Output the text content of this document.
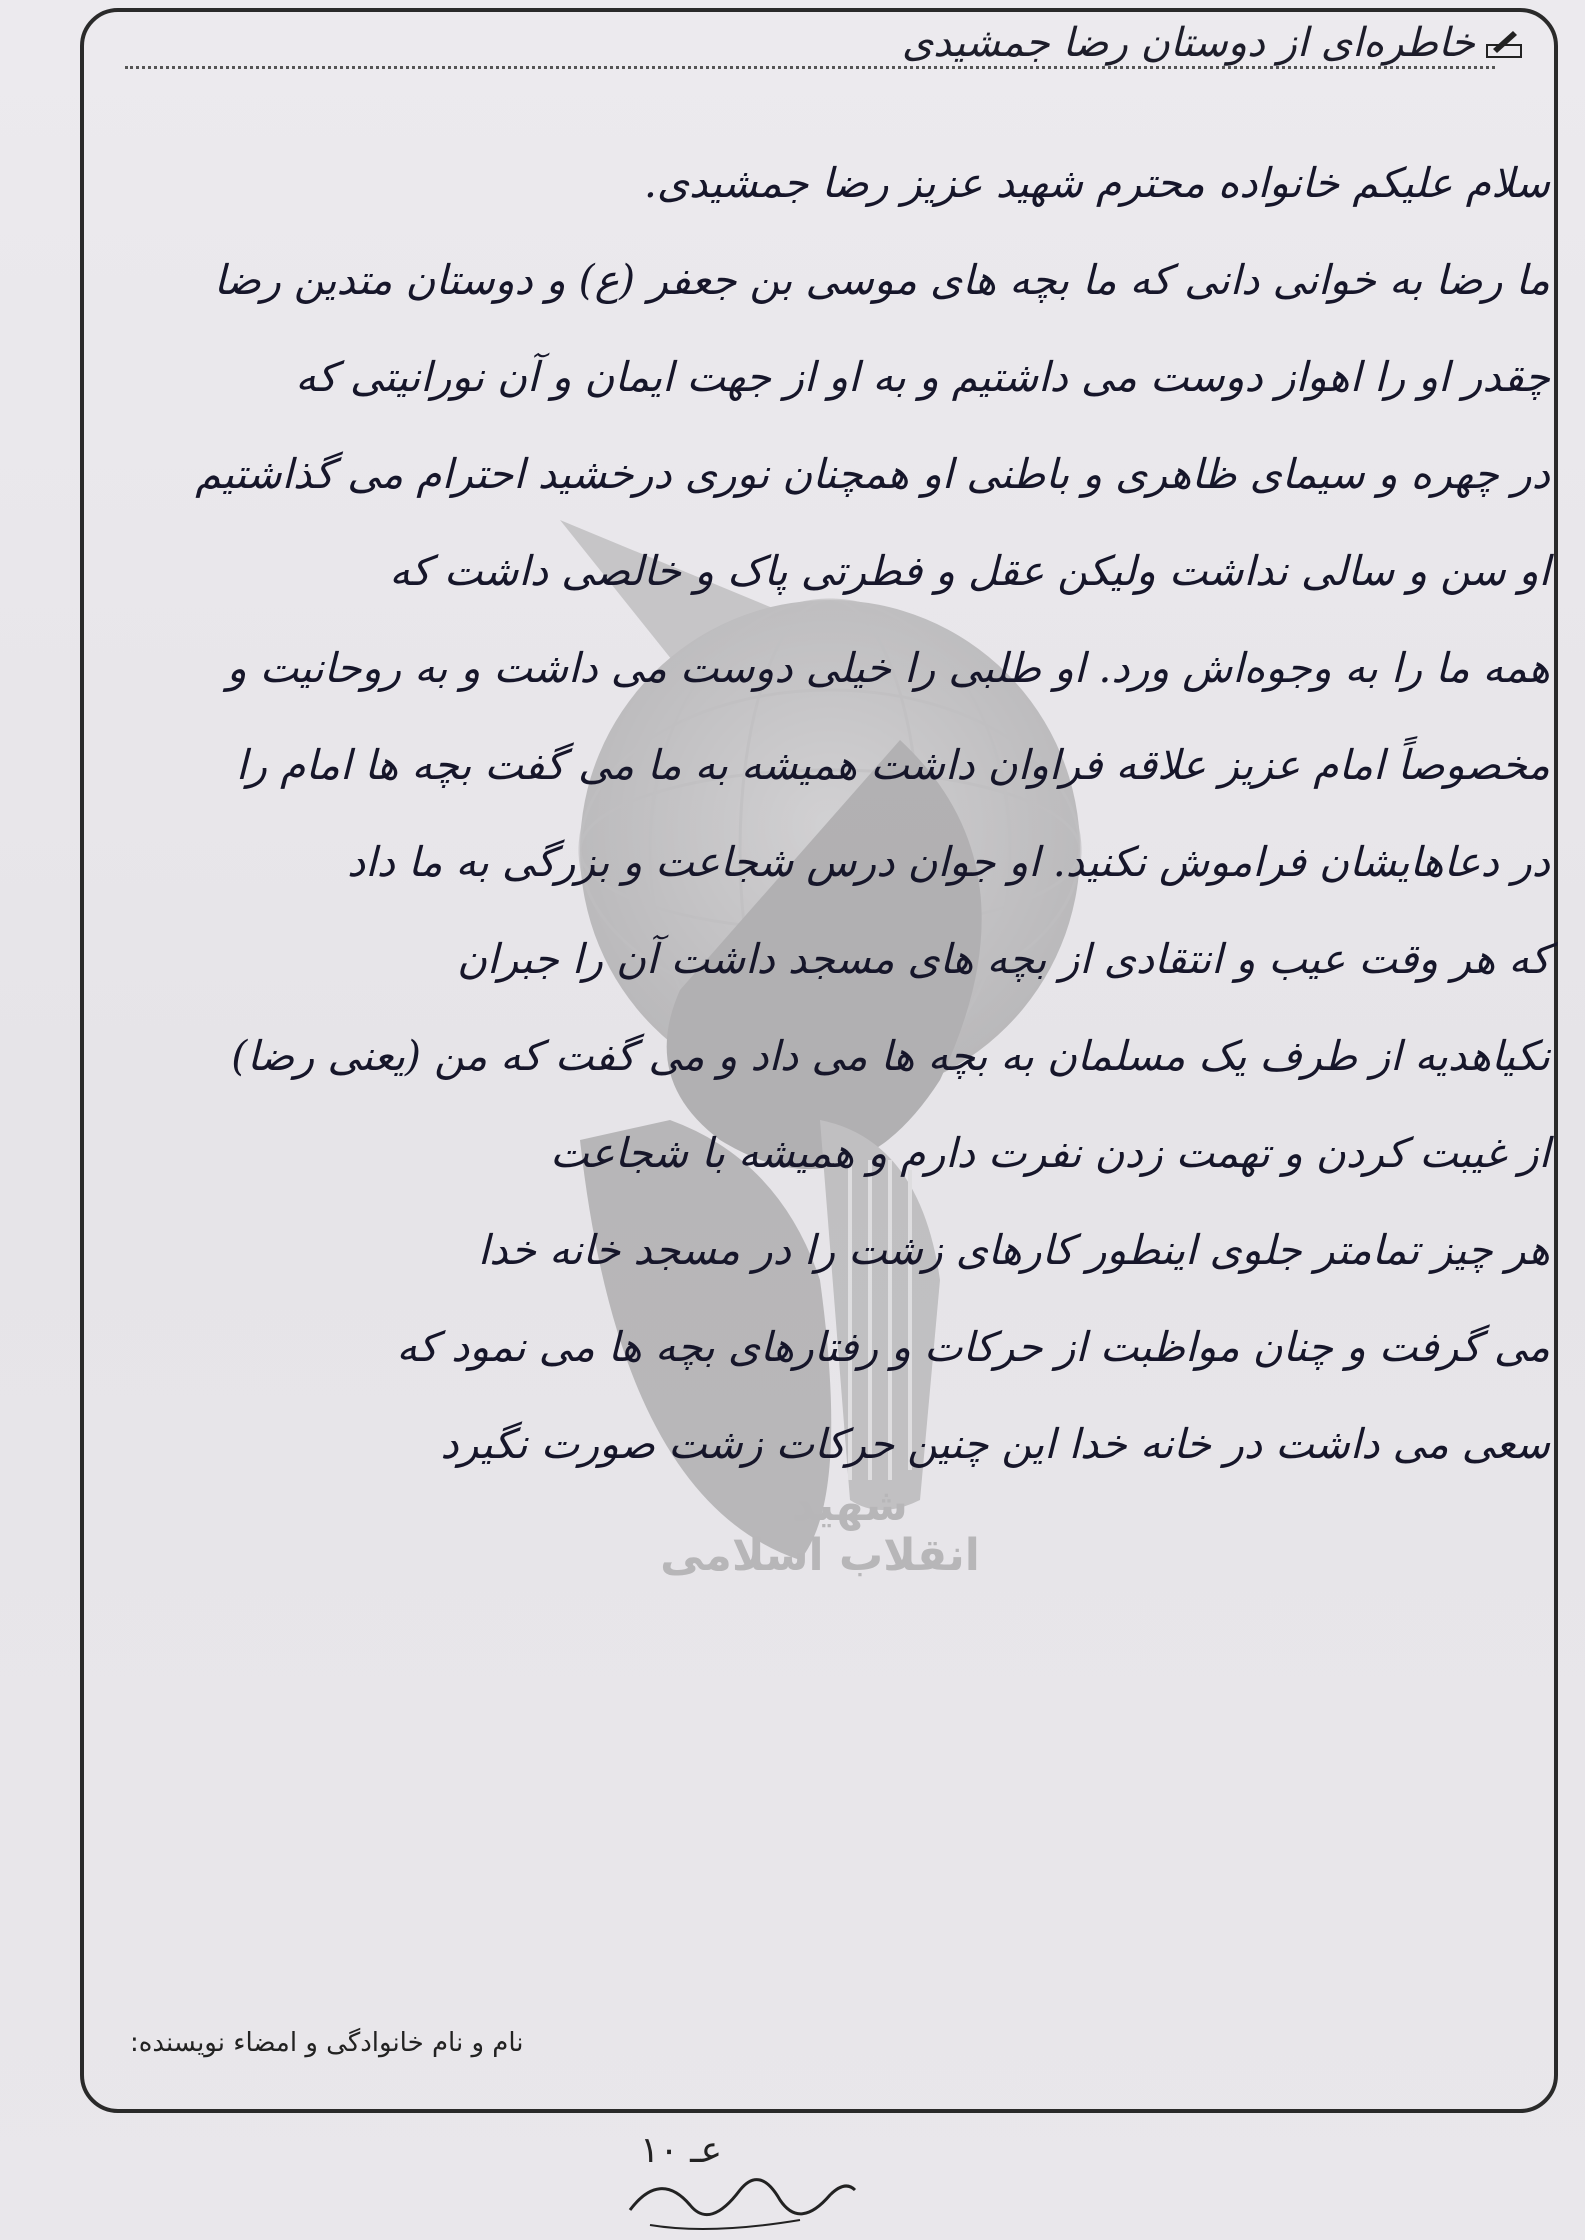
شهید
انقلاب اسلامی
خاطره‌ای از دوستان رضا جمشیدی

سلام علیکم خانواده محترم شهید عزیز رضا جمشیدی.

ما رضا به خوانی دانی که ما بچه های موسی بن جعفر (ع) و دوستان متدین رضا

چقدر او را اهواز دوست می داشتیم و به او از جهت ایمان و آن نورانیتی که

در چهره و سیمای ظاهری و باطنی او همچنان نوری درخشید احترام می گذاشتیم

او سن و سالی نداشت ولیکن عقل و فطرتی پاک و خالصی داشت که

همه ما را به وجوه‌اش ورد. او طلبی را خیلی دوست می داشت و به روحانیت و

مخصوصاً امام عزیز علاقه فراوان داشت همیشه به ما می گفت بچه ها امام را

در دعاهایشان فراموش نکنید. او جوان درس شجاعت و بزرگی به ما داد

که هر وقت عیب و انتقادی از بچه های مسجد داشت آن را جبران

نکیاهدیه از طرف یک مسلمان به بچه ها می داد و می گفت که من (یعنی رضا)

از غیبت کردن و تهمت زدن نفرت دارم و همیشه با شجاعت

هر چیز تمامتر جلوی اینطور کارهای زشت را در مسجد خانه خدا

می گرفت و چنان مواظبت از حرکات و رفتارهای بچه ها می نمود که

سعی می داشت در خانه خدا این چنین حرکات زشت صورت نگیرد

نام و نام خانوادگی و امضاء نویسنده:
عـ ۱۰
